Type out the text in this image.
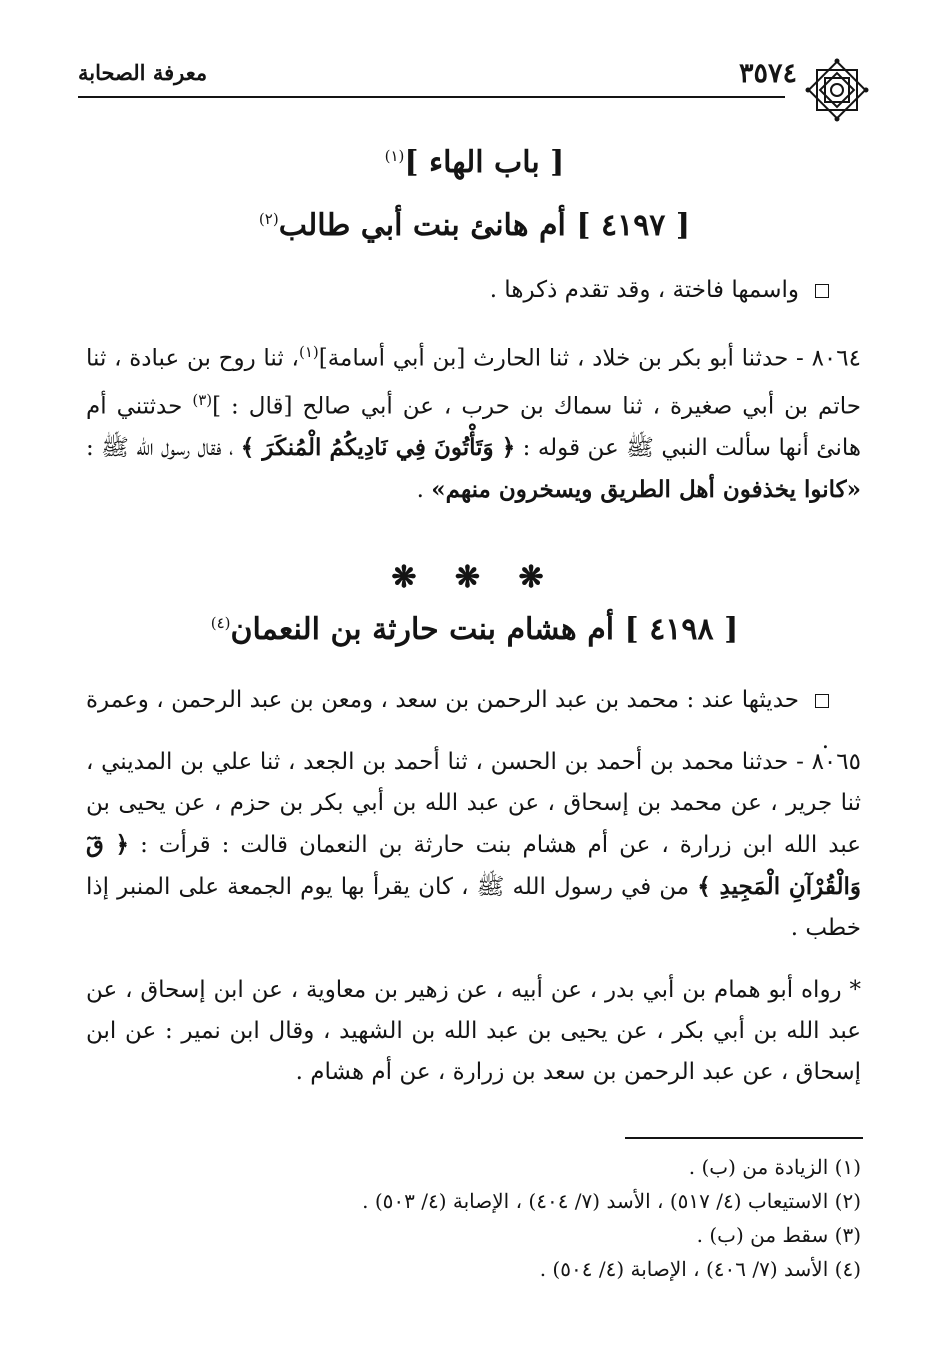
٣٥٧٤
معرفة الصحابة
[ باب الهاء ]$^{(١)}$
[ ٤١٩٧ ] أم هانئ بنت أبي طالب$^{(٢)}$
واسمها فاختة ، وقد تقدم ذكرها .
٨٠٦٤ - حدثنا أبو بكر بن خلاد ، ثنا الحارث [بن أبي أسامة]$^{(١)}$، ثنا روح بن عبادة ، ثنا حاتم بن أبي صغيرة ، ثنا سماك بن حرب ، عن أبي صالح [قال : ]$^{(٣)}$ حدثتني أم هانئ أنها سألت النبي ﷺ عن قوله : ﴿ وَتَأْتُونَ فِي نَادِيكُمُ الْمُنكَرَ ﴾ ، فقال رسول الله ﷺ : «كانوا يخذفون أهل الطريق ويسخرون منهم» .
❋ ❋ ❋
[ ٤١٩٨ ] أم هشام بنت حارثة بن النعمان$^{(٤)}$
حديثها عند : محمد بن عبد الرحمن بن سعد ، ومعن بن عبد الرحمن ، وعمرة .
٨٠٦٥ - حدثنا محمد بن أحمد بن الحسن ، ثنا أحمد بن الجعد ، ثنا علي بن المديني ، ثنا جرير ، عن محمد بن إسحاق ، عن عبد الله بن أبي بكر بن حزم ، عن يحيى بن عبد الله ابن زرارة ، عن أم هشام بنت حارثة بن النعمان قالت : قرأت : ﴿ قٓ وَالْقُرْآنِ الْمَجِيدِ ﴾ من في رسول الله ﷺ ، كان يقرأ بها يوم الجمعة على المنبر إذا خطب .
* رواه أبو همام بن أبي بدر ، عن أبيه ، عن زهير بن معاوية ، عن ابن إسحاق ، عن عبد الله بن أبي بكر ، عن يحيى بن عبد الله بن الشهيد ، وقال ابن نمير : عن ابن إسحاق ، عن عبد الرحمن بن سعد بن زرارة ، عن أم هشام .
(١) الزيادة من (ب) .
(٢) الاستيعاب (٤/ ٥١٧) ، الأسد (٧/ ٤٠٤) ، الإصابة (٤/ ٥٠٣) .
(٣) سقط من (ب) .
(٤) الأسد (٧/ ٤٠٦) ، الإصابة (٤/ ٥٠٤) .
